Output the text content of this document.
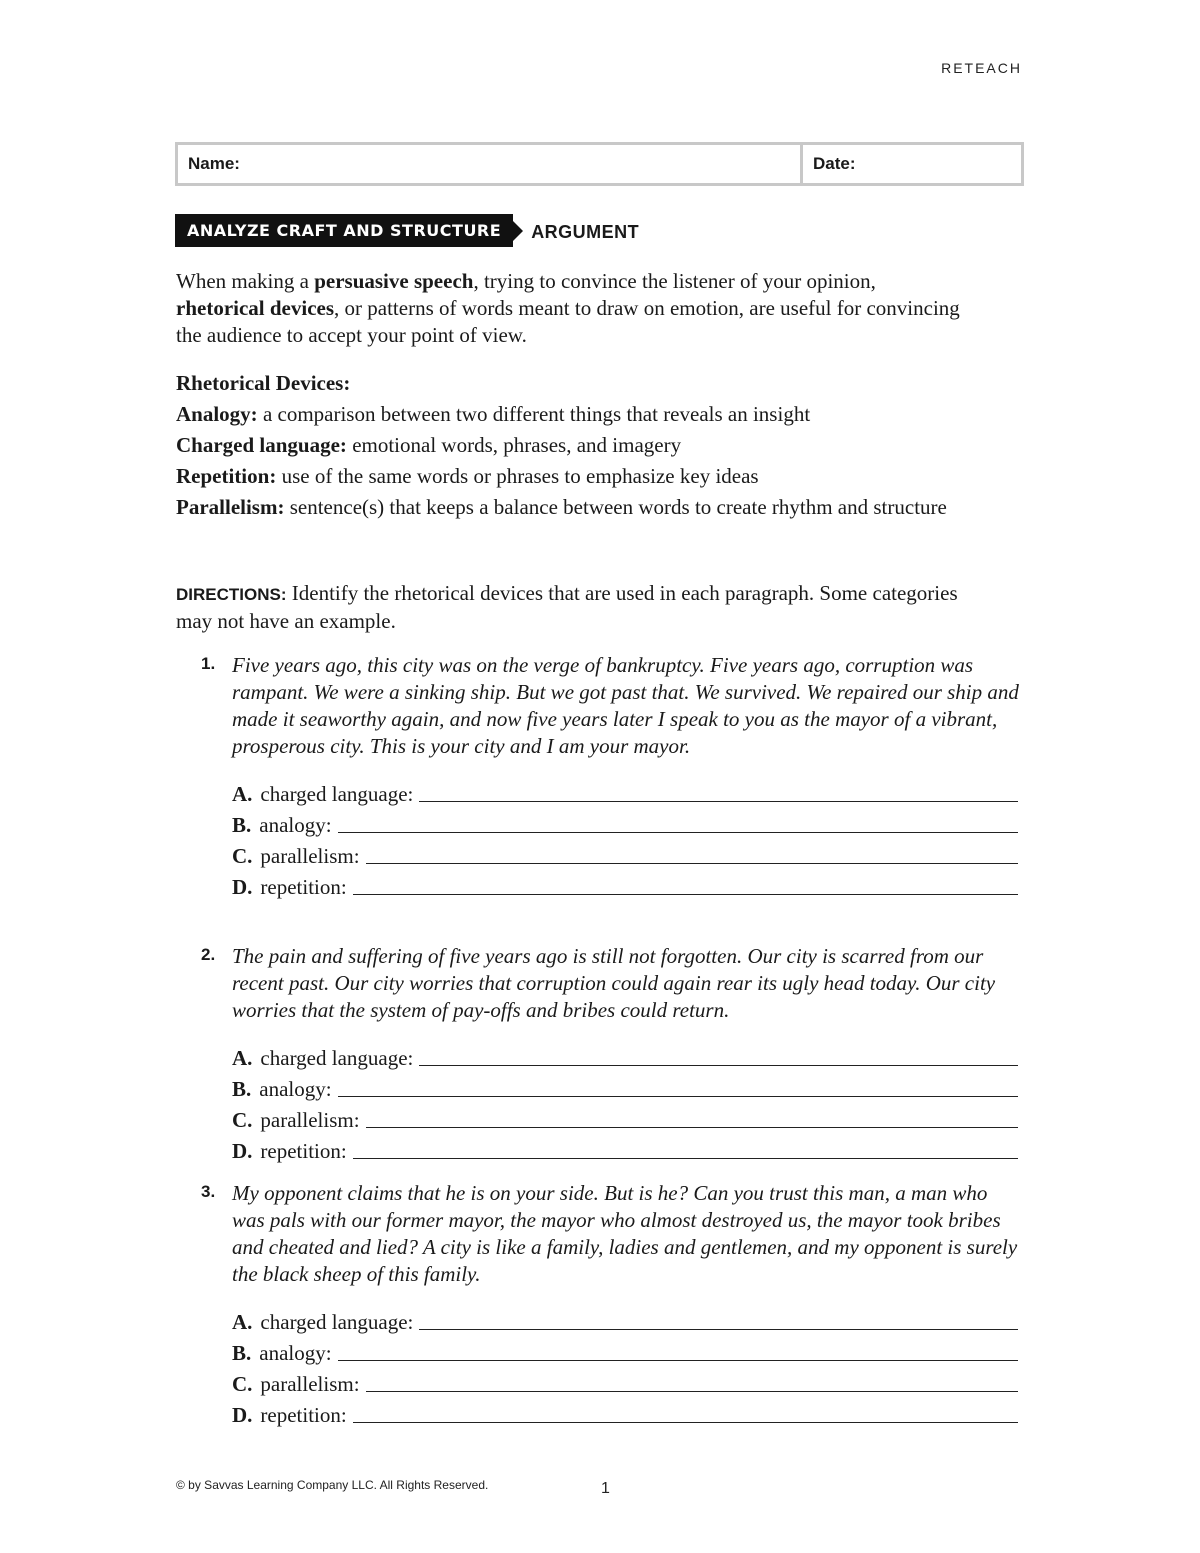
RETEACH
Name:	Date:
ANALYZE CRAFT AND STRUCTURE	ARGUMENT
When making a persuasive speech, trying to convince the listener of your opinion, rhetorical devices, or patterns of words meant to draw on emotion, are useful for convincing the audience to accept your point of view.
Rhetorical Devices:
Analogy: a comparison between two different things that reveals an insight
Charged language: emotional words, phrases, and imagery
Repetition: use of the same words or phrases to emphasize key ideas
Parallelism: sentence(s) that keeps a balance between words to create rhythm and structure
DIRECTIONS: Identify the rhetorical devices that are used in each paragraph. Some categories may not have an example.
1. Five years ago, this city was on the verge of bankruptcy. Five years ago, corruption was rampant. We were a sinking ship. But we got past that. We survived. We repaired our ship and made it seaworthy again, and now five years later I speak to you as the mayor of a vibrant, prosperous city. This is your city and I am your mayor.
A. charged language:
B. analogy:
C. parallelism:
D. repetition:
2. The pain and suffering of five years ago is still not forgotten. Our city is scarred from our recent past. Our city worries that corruption could again rear its ugly head today. Our city worries that the system of pay-offs and bribes could return.
A. charged language:
B. analogy:
C. parallelism:
D. repetition:
3. My opponent claims that he is on your side. But is he? Can you trust this man, a man who was pals with our former mayor, the mayor who almost destroyed us, the mayor took bribes and cheated and lied? A city is like a family, ladies and gentlemen, and my opponent is surely the black sheep of this family.
A. charged language:
B. analogy:
C. parallelism:
D. repetition:
© by Savvas Learning Company LLC. All Rights Reserved.	1
